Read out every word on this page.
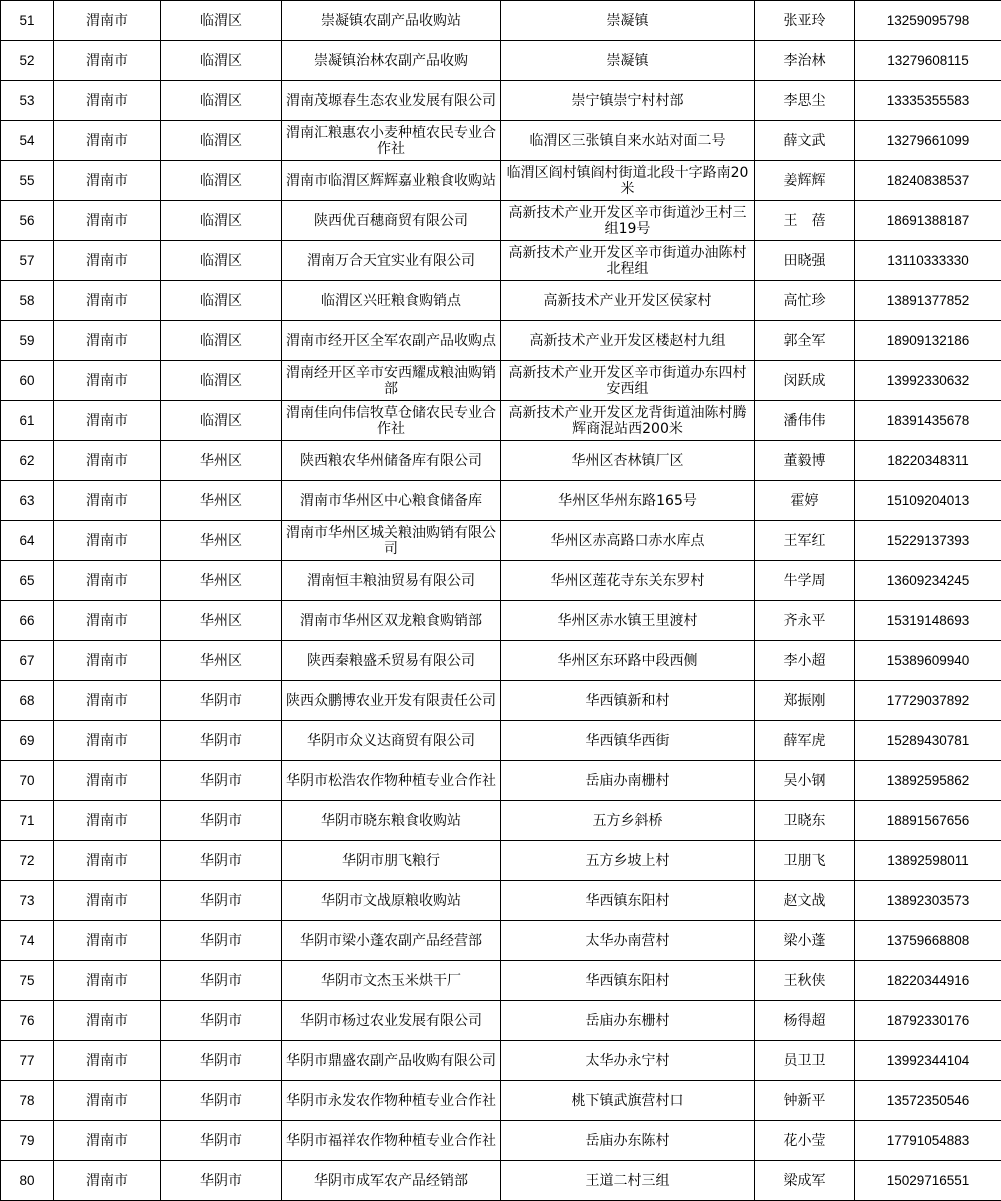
51	渭南市	临渭区	崇凝镇农副产品收购站	崇凝镇	张亚玲	13259095798
52	渭南市	临渭区	崇凝镇治林农副产品收购	崇凝镇	李治林	13279608115
53	渭南市	临渭区	渭南茂塬春生态农业发展有限公司	崇宁镇崇宁村村部	李思尘	13335355583
54	渭南市	临渭区	渭南汇粮惠农小麦种植农民专业合作社	临渭区三张镇自来水站对面二号	薛文武	13279661099
55	渭南市	临渭区	渭南市临渭区辉辉嘉业粮食收购站	临渭区阎村镇阎村街道北段十字路南20米	姜辉辉	18240838537
56	渭南市	临渭区	陕西优百穗商贸有限公司	高新技术产业开发区辛市街道沙王村三组19号	王　蓓	18691388187
57	渭南市	临渭区	渭南万合天宜实业有限公司	高新技术产业开发区辛市街道办油陈村北程组	田晓强	13110333330
58	渭南市	临渭区	临渭区兴旺粮食购销点	高新技术产业开发区侯家村	高忙珍	13891377852
59	渭南市	临渭区	渭南市经开区全军农副产品收购点	高新技术产业开发区楼赵村九组	郭全军	18909132186
60	渭南市	临渭区	渭南经开区辛市安西耀成粮油购销部	高新技术产业开发区辛市街道办东四村安西组	闵跃成	13992330632
61	渭南市	临渭区	渭南佳向伟信牧草仓储农民专业合作社	高新技术产业开发区龙背街道油陈村腾辉商混站西200米	潘伟伟	18391435678
62	渭南市	华州区	陕西粮农华州储备库有限公司	华州区杏林镇厂区	董毅博	18220348311
63	渭南市	华州区	渭南市华州区中心粮食储备库	华州区华州东路165号	霍婷	15109204013
64	渭南市	华州区	渭南市华州区城关粮油购销有限公司	华州区赤高路口赤水库点	王军红	15229137393
65	渭南市	华州区	渭南恒丰粮油贸易有限公司	华州区莲花寺东关东罗村	牛学周	13609234245
66	渭南市	华州区	渭南市华州区双龙粮食购销部	华州区赤水镇王里渡村	齐永平	15319148693
67	渭南市	华州区	陕西秦粮盛禾贸易有限公司	华州区东环路中段西侧	李小超	15389609940
68	渭南市	华阴市	陕西众鹏博农业开发有限责任公司	华西镇新和村	郑振刚	17729037892
69	渭南市	华阴市	华阴市众义达商贸有限公司	华西镇华西街	薛军虎	15289430781
70	渭南市	华阴市	华阴市松浩农作物种植专业合作社	岳庙办南栅村	吴小钢	13892595862
71	渭南市	华阴市	华阴市晓东粮食收购站	五方乡斜桥	卫晓东	18891567656
72	渭南市	华阴市	华阴市朋飞粮行	五方乡坡上村	卫朋飞	13892598011
73	渭南市	华阴市	华阴市文战原粮收购站	华西镇东阳村	赵文战	13892303573
74	渭南市	华阴市	华阴市梁小蓬农副产品经营部	太华办南营村	梁小蓬	13759668808
75	渭南市	华阴市	华阴市文杰玉米烘干厂	华西镇东阳村	王秋侠	18220344916
76	渭南市	华阴市	华阴市杨过农业发展有限公司	岳庙办东栅村	杨得超	18792330176
77	渭南市	华阴市	华阴市鼎盛农副产品收购有限公司	太华办永宁村	员卫卫	13992344104
78	渭南市	华阴市	华阴市永发农作物种植专业合作社	桃下镇武旗营村口	钟新平	13572350546
79	渭南市	华阴市	华阴市福祥农作物种植专业合作社	岳庙办东陈村	花小莹	17791054883
80	渭南市	华阴市	华阴市成军农产品经销部	王道二村三组	梁成军	15029716551
